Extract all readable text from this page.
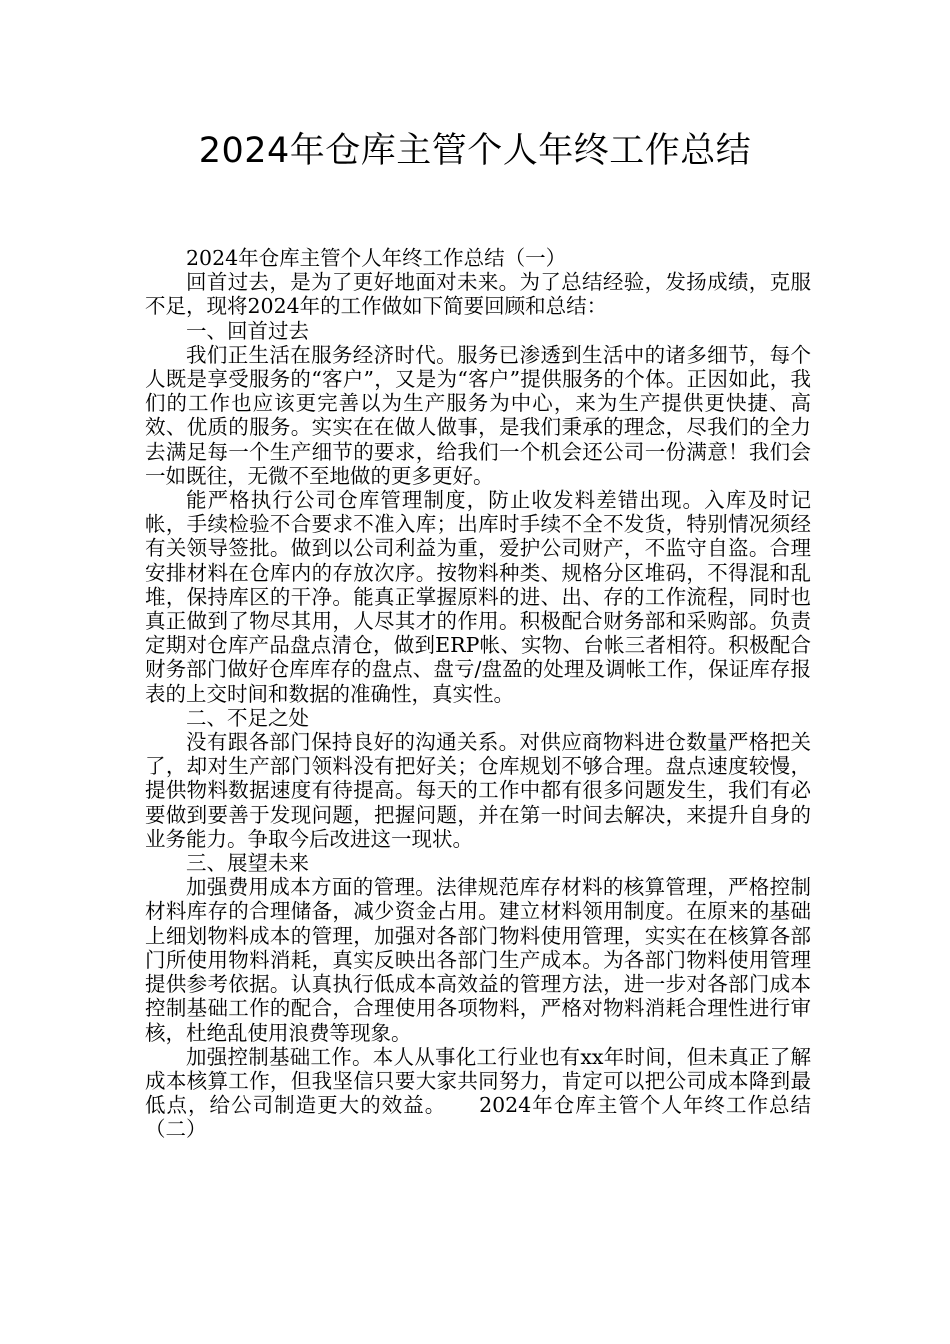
2024年仓库主管个人年终工作总结

2024年仓库主管个人年终工作总结（一）

回首过去，是为了更好地面对未来。为了总结经验，发扬成绩，克服不足，现将2024年的工作做如下简要回顾和总结：

一、回首过去

我们正生活在服务经济时代。服务已渗透到生活中的诸多细节，每个人既是享受服务的“客户”，又是为“客户”提供服务的个体。正因如此，我们的工作也应该更完善以为生产服务为中心，来为生产提供更快捷、高效、优质的服务。实实在在做人做事，是我们秉承的理念，尽我们的全力去满足每一个生产细节的要求，给我们一个机会还公司一份满意！我们会一如既往，无微不至地做的更多更好。

能严格执行公司仓库管理制度，防止收发料差错出现。入库及时记帐，手续检验不合要求不准入库；出库时手续不全不发货，特别情况须经有关领导签批。做到以公司利益为重，爱护公司财产，不监守自盗。合理安排材料在仓库内的存放次序。按物料种类、规格分区堆码，不得混和乱堆，保持库区的干净。能真正掌握原料的进、出、存的工作流程，同时也真正做到了物尽其用，人尽其才的作用。积极配合财务部和采购部。负责定期对仓库产品盘点清仓，做到ERP帐、实物、台帐三者相符。积极配合财务部门做好仓库库存的盘点、盘亏/盘盈的处理及调帐工作，保证库存报表的上交时间和数据的准确性，真实性。

二、不足之处

没有跟各部门保持良好的沟通关系。对供应商物料进仓数量严格把关了，却对生产部门领料没有把好关；仓库规划不够合理。盘点速度较慢，提供物料数据速度有待提高。每天的工作中都有很多问题发生，我们有必要做到要善于发现问题，把握问题，并在第一时间去解决，来提升自身的业务能力。争取今后改进这一现状。

三、展望未来

加强费用成本方面的管理。法律规范库存材料的核算管理，严格控制材料库存的合理储备，减少资金占用。建立材料领用制度。在原来的基础上细划物料成本的管理，加强对各部门物料使用管理，实实在在核算各部门所使用物料消耗，真实反映出各部门生产成本。为各部门物料使用管理提供参考依据。认真执行低成本高效益的管理方法，进一步对各部门成本控制基础工作的配合，合理使用各项物料，严格对物料消耗合理性进行审核，杜绝乱使用浪费等现象。

加强控制基础工作。本人从事化工行业也有xx年时间，但未真正了解成本核算工作，但我坚信只要大家共同努力，肯定可以把公司成本降到最低点，给公司制造更大的效益。　　2024年仓库主管个人年终工作总结（二）
